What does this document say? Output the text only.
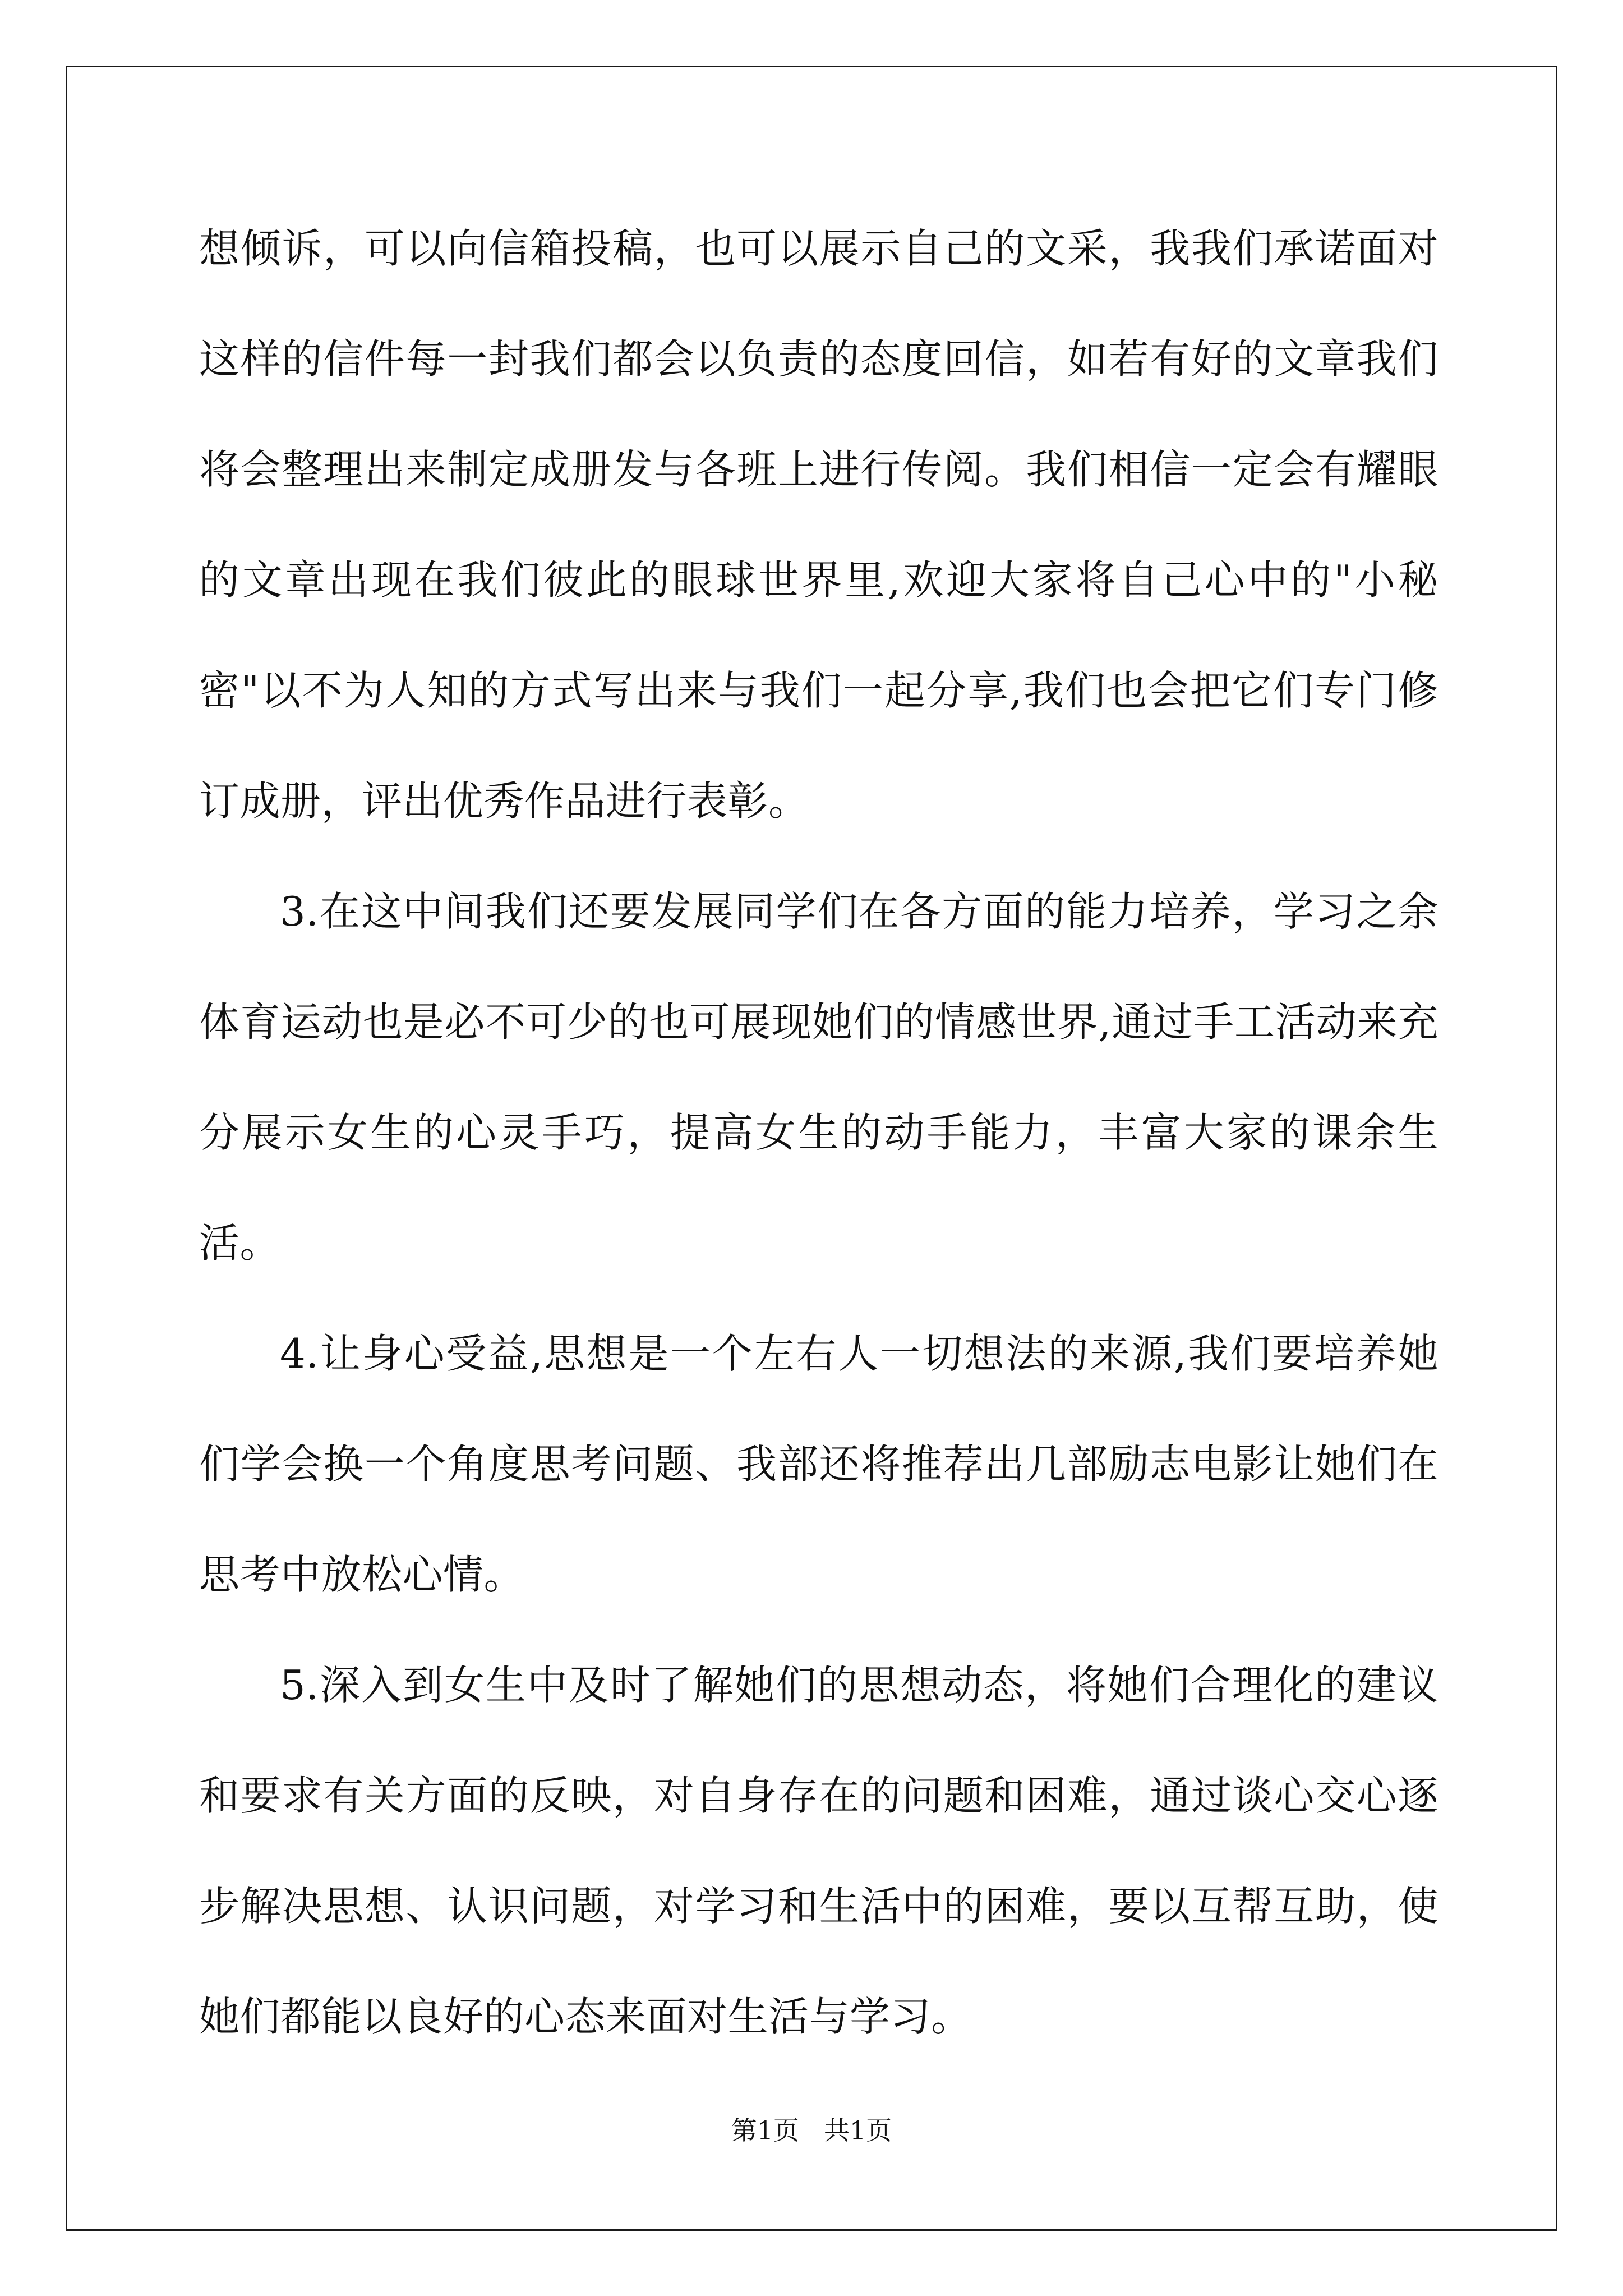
想倾诉，可以向信箱投稿，也可以展示自己的文采，我我们承诺面对这样的信件每一封我们都会以负责的态度回信，如若有好的文章我们将会整理出来制定成册发与各班上进行传阅。我们相信一定会有耀眼的文章出现在我们彼此的眼球世界里,欢迎大家将自己心中的"小秘密"以不为人知的方式写出来与我们一起分享,我们也会把它们专门修订成册，评出优秀作品进行表彰。

3.在这中间我们还要发展同学们在各方面的能力培养，学习之余体育运动也是必不可少的也可展现她们的情感世界,通过手工活动来充分展示女生的心灵手巧，提高女生的动手能力，丰富大家的课余生活。

4.让身心受益,思想是一个左右人一切想法的来源,我们要培养她们学会换一个角度思考问题、我部还将推荐出几部励志电影让她们在思考中放松心情。

5.深入到女生中及时了解她们的思想动态，将她们合理化的建议和要求有关方面的反映，对自身存在的问题和困难，通过谈心交心逐步解决思想、认识问题，对学习和生活中的困难，要以互帮互助，使她们都能以良好的心态来面对生活与学习。

第1页 共1页
